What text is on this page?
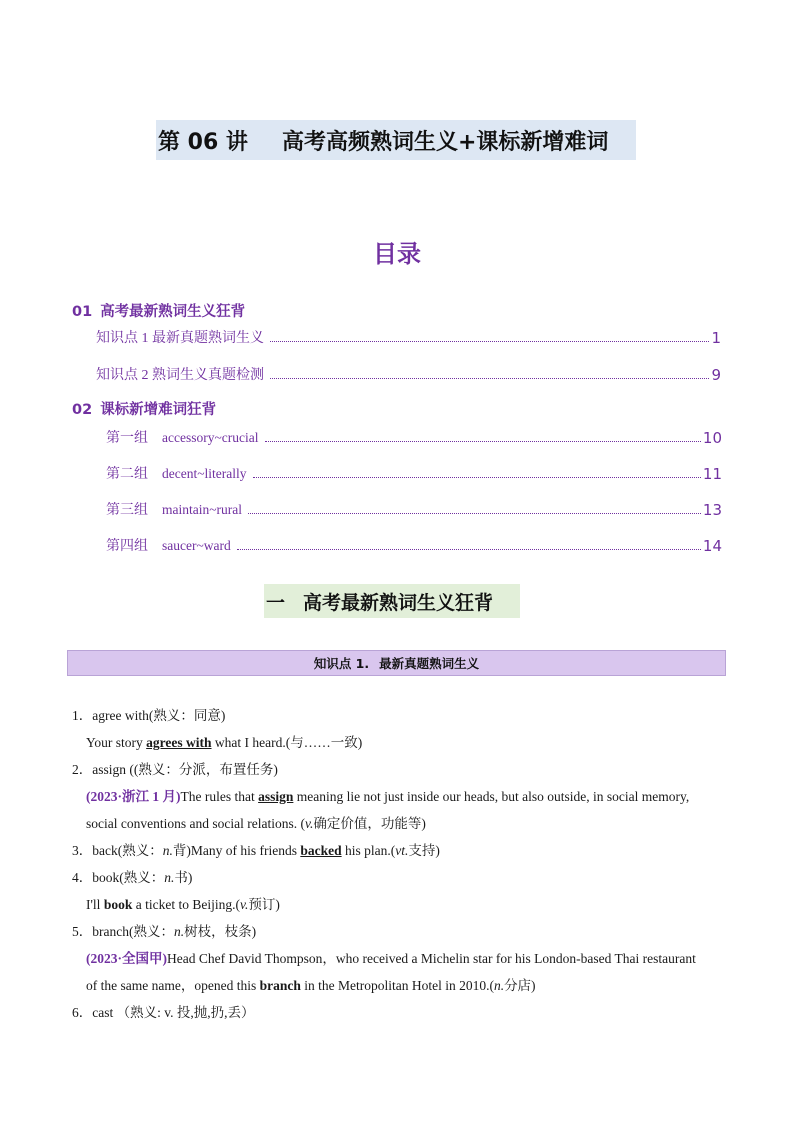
第 06 讲	高考高频熟词生义+课标新增难词
目录
01 高考最新熟词生义狂背
知识点 1 最新真题熟词生义	1
知识点 2 熟词生义真题检测	9
02 课标新增难词狂背
第一组 accessory~crucial	10
第二组 decent~literally	11
第三组 maintain~rural	13
第四组 saucer~ward	14
一 高考最新熟词生义狂背
知识点 1. 最新真题熟词生义
1．agree with(熟义：同意)
Your story agrees with what I heard.(与……一致)
2．assign ((熟义：分派，布置任务)
(2023·浙江 1 月)The rules that assign meaning lie not just inside our heads, but also outside, in social memory,
social conventions and social relations. (v.确定价值，功能等)
3．back(熟义：n.背)Many of his friends backed his plan.(vt.支持)
4．book(熟义：n.书)
I'll book a ticket to Beijing.(v.预订)
5．branch(熟义：n.树枝，枝条)
(2023·全国甲)Head Chef David Thompson，who received a Michelin star for his London-based Thai restaurant
of the same name，opened this branch in the Metropolitan Hotel in 2010.(n.分店)
6．cast （熟义: v. 投,抛,扔,丢）
